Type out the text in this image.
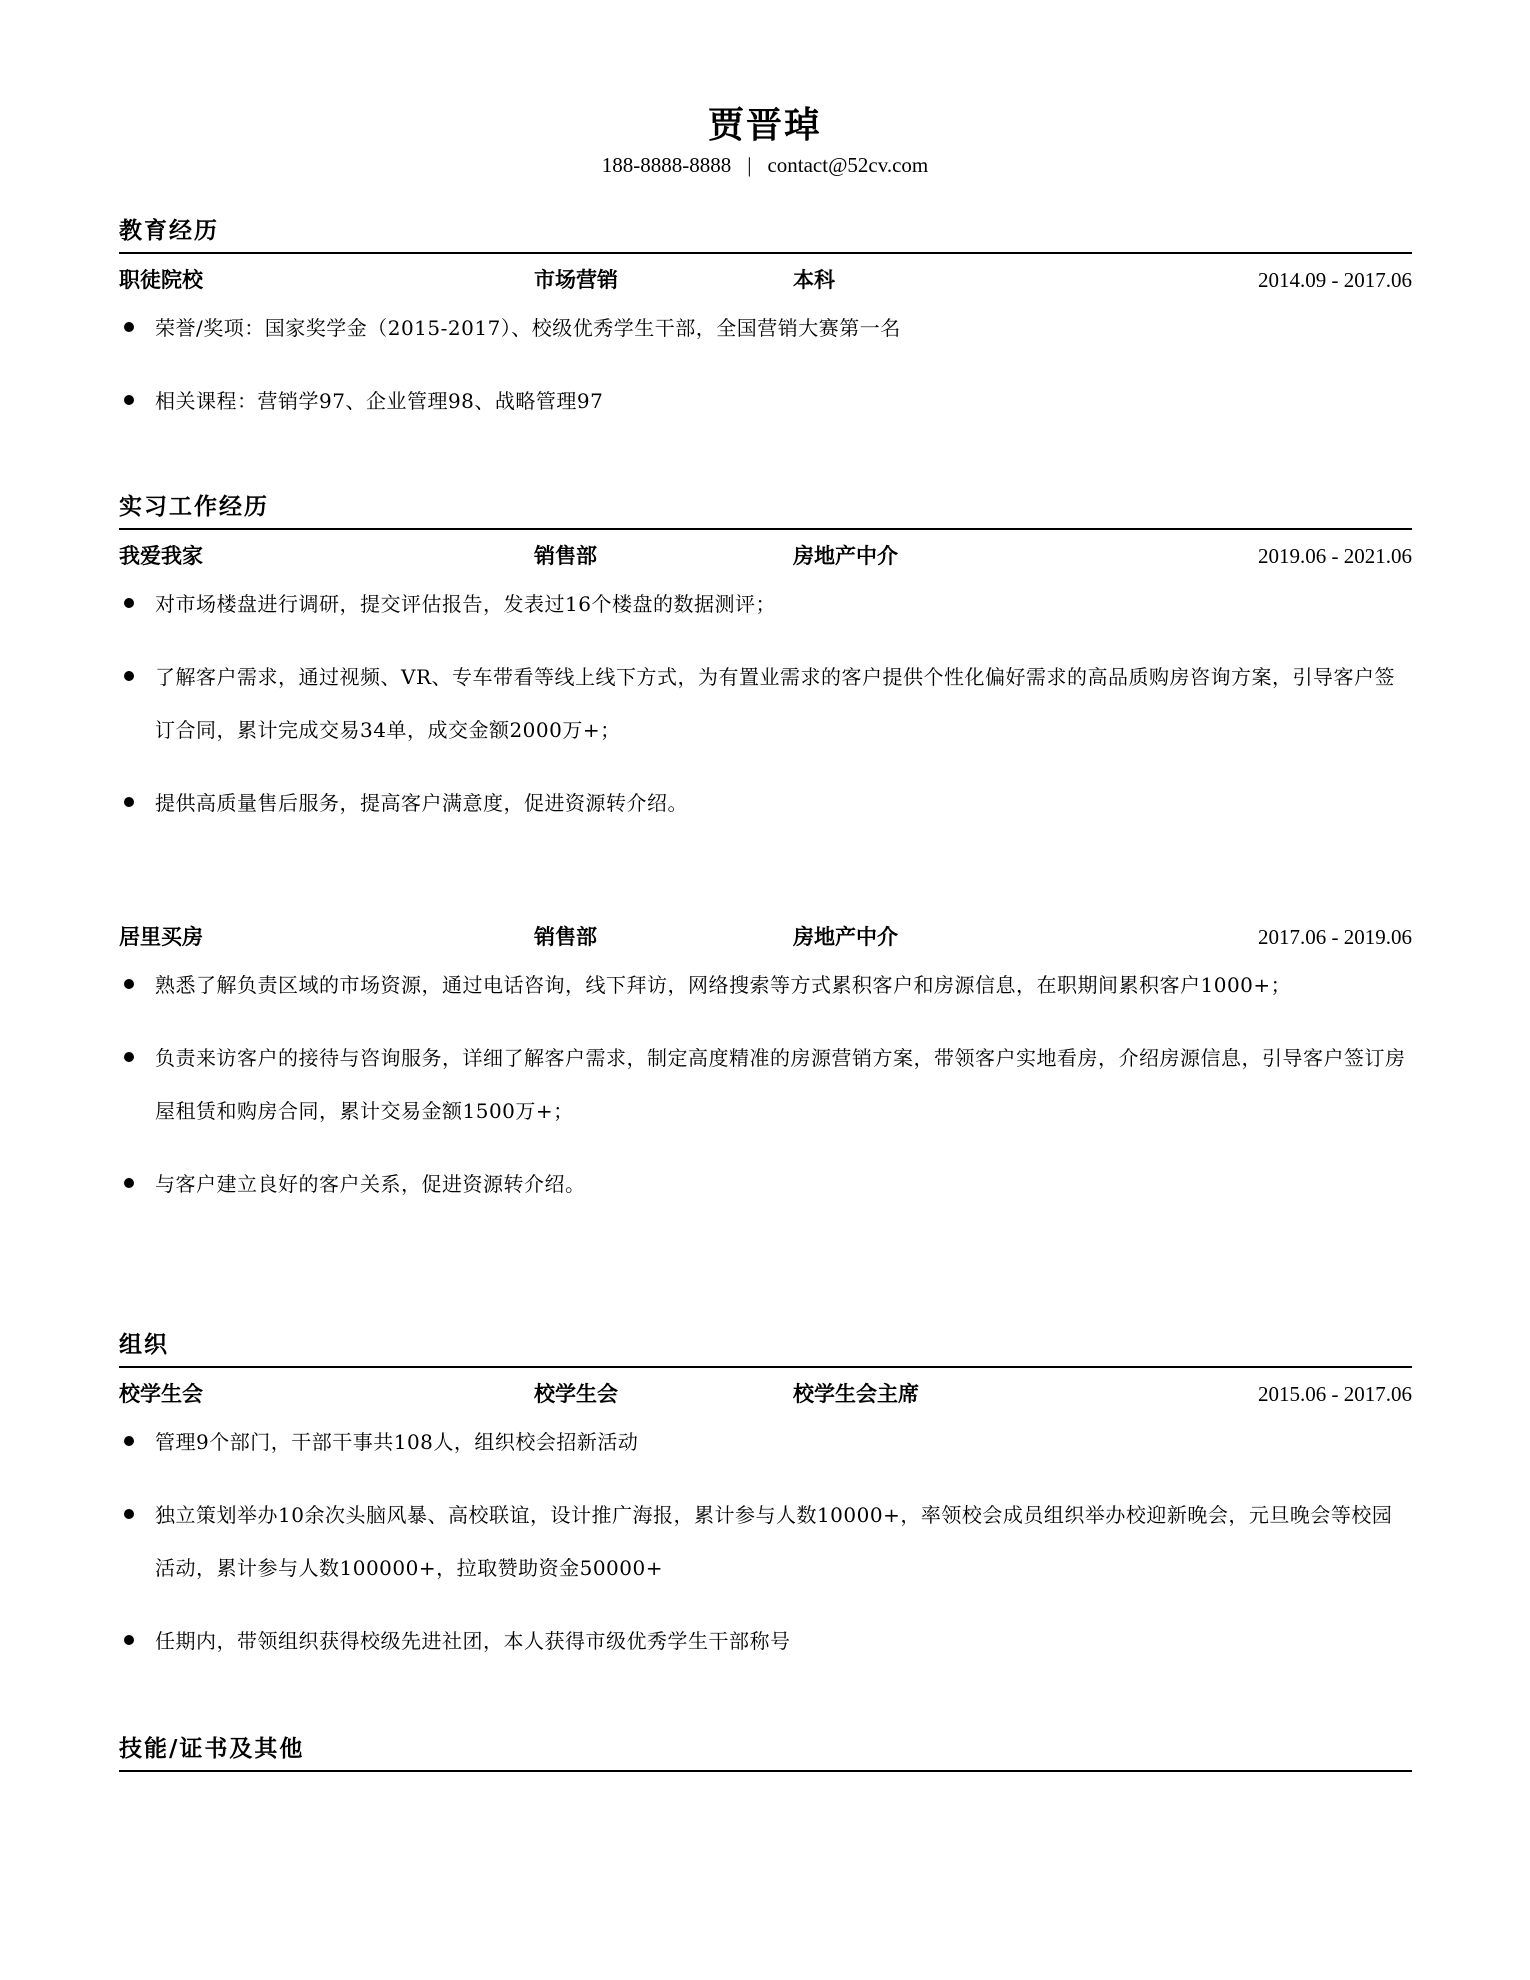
贾晋琸
188-8888-8888 | contact@52cv.com
教育经历
职徒院校	市场营销	本科	2014.09 - 2017.06
荣誉/奖项：国家奖学金（2015-2017）、校级优秀学生干部，全国营销大赛第一名
相关课程：营销学97、企业管理98、战略管理97
实习工作经历
我爱我家	销售部	房地产中介	2019.06 - 2021.06
对市场楼盘进行调研，提交评估报告，发表过16个楼盘的数据测评；
了解客户需求，通过视频、VR、专车带看等线上线下方式，为有置业需求的客户提供个性化偏好需求的高品质购房咨询方案，引导客户签订合同，累计完成交易34单，成交金额2000万+；
提供高质量售后服务，提高客户满意度，促进资源转介绍。
居里买房	销售部	房地产中介	2017.06 - 2019.06
熟悉了解负责区域的市场资源，通过电话咨询，线下拜访，网络搜索等方式累积客户和房源信息，在职期间累积客户1000+；
负责来访客户的接待与咨询服务，详细了解客户需求，制定高度精准的房源营销方案，带领客户实地看房，介绍房源信息，引导客户签订房屋租赁和购房合同，累计交易金额1500万+；
与客户建立良好的客户关系，促进资源转介绍。
组织
校学生会	校学生会	校学生会主席	2015.06 - 2017.06
管理9个部门，干部干事共108人，组织校会招新活动
独立策划举办10余次头脑风暴、高校联谊，设计推广海报，累计参与人数10000+，率领校会成员组织举办校迎新晚会，元旦晚会等校园活动，累计参与人数100000+，拉取赞助资金50000+
任期内，带领组织获得校级先进社团，本人获得市级优秀学生干部称号
技能/证书及其他
